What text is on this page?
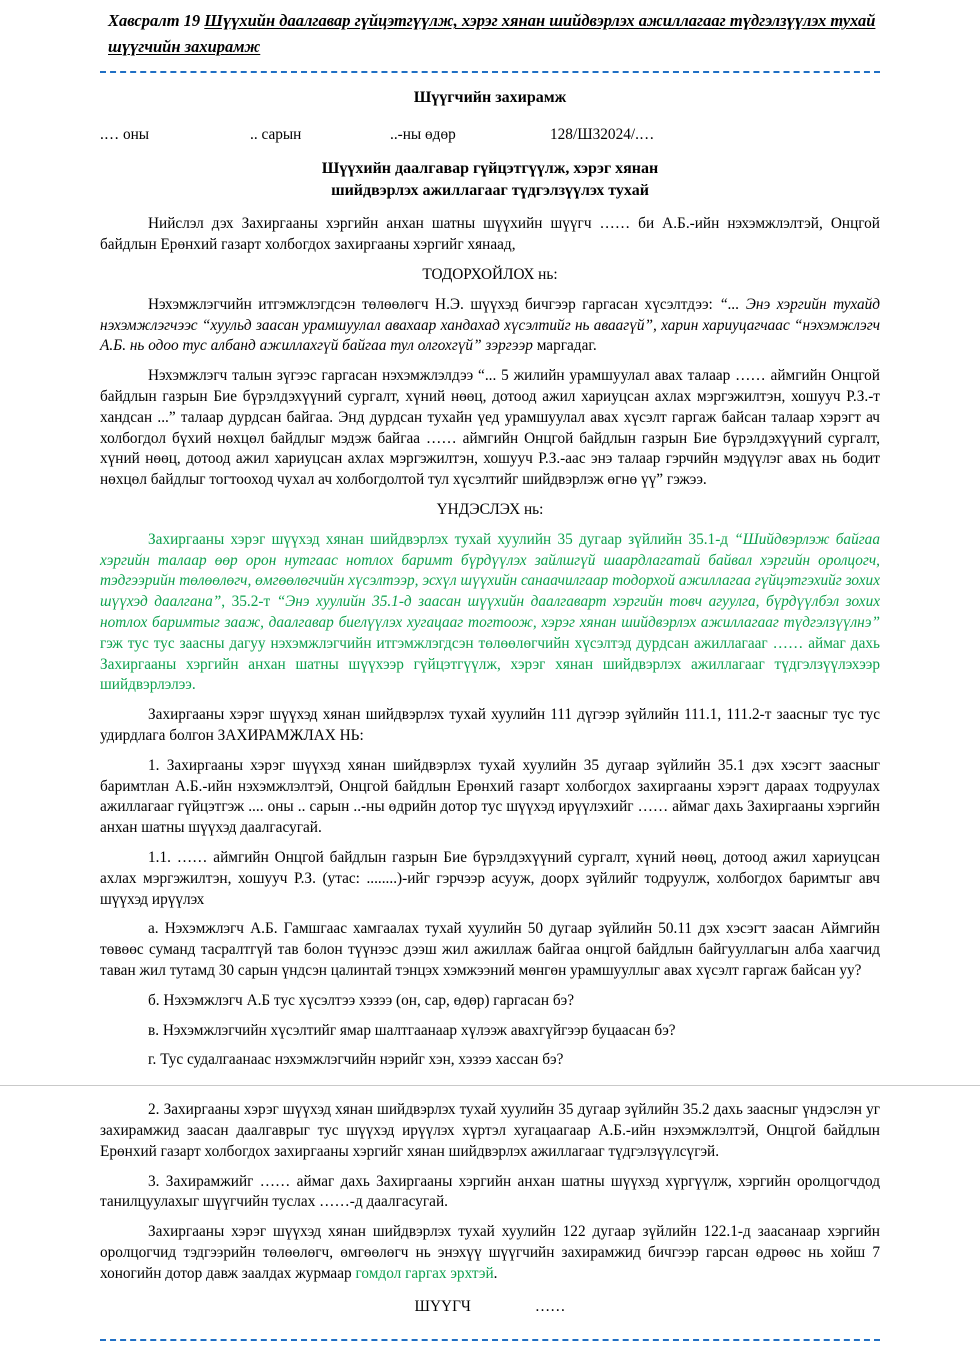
Хавсралт 19 Шүүхийн даалгавар гүйцэтгүүлж, хэрэг хянан шийдвэрлэх ажиллагааг түдгэлзүүлэх тухай шүүгчийн захирамж
Шүүгчийн захирамж
.… оны	.. сарын	..-ны өдөр	128/Ш32024/.…
Шүүхийн даалгавар гүйцэтгүүлж, хэрэг хянан
шийдвэрлэх ажиллагааг түдгэлзүүлэх тухай

Нийслэл дэх Захиргааны хэргийн анхан шатны шүүхийн шүүгч …… би А.Б.-ийн нэхэмжлэлтэй, Онцгой байдлын Ерөнхий газарт холбогдох захиргааны хэргийг хянаад,

ТОДОРХОЙЛОХ нь:

Нэхэмжлэгчийн итгэмжлэгдсэн төлөөлөгч Н.Э. шүүхэд бичгээр гаргасан хүсэлтдээ: “... Энэ хэргийн тухайд нэхэмжлэгчээс “хуульд заасан урамшуулал авахаар хандахад хүсэлтийг нь аваагүй”, харин хариуцагчаас “нэхэмжлэгч А.Б. нь одоо тус албанд ажиллахгүй байгаа тул олгохгүй” зэргээр маргадаг.

Нэхэмжлэгч талын зүгээс гаргасан нэхэмжлэлдээ “... 5 жилийн урамшуулал авах талаар …… аймгийн Онцгой байдлын газрын Бие бүрэлдэхүүний сургалт, хүний нөөц, дотоод ажил хариуцсан ахлах мэргэжилтэн, хошууч Р.З.-т хандсан ...” талаар дурдсан байгаа. Энд дурдсан тухайн үед урамшуулал авах хүсэлт гаргаж байсан талаар хэрэгт ач холбогдол бүхий нөхцөл байдлыг мэдэж байгаа …… аймгийн Онцгой байдлын газрын Бие бүрэлдэхүүний сургалт, хүний нөөц, дотоод ажил хариуцсан ахлах мэргэжилтэн, хошууч Р.З.-аас энэ талаар гэрчийн мэдүүлэг авах нь бодит нөхцөл байдлыг тогтооход чухал ач холбогдолтой тул хүсэлтийг шийдвэрлэж өгнө үү” гэжээ.

ҮНДЭСЛЭХ нь:

Захиргааны хэрэг шүүхэд хянан шийдвэрлэх тухай хуулийн 35 дугаар зүйлийн 35.1-д “Шийдвэрлэж байгаа хэргийн талаар өөр орон нутгаас нотлох баримт бүрдүүлэх зайлшгүй шаардлагатай байвал хэргийн оролцогч, тэдгээрийн төлөөлөгч, өмгөөлөгчийн хүсэлтээр, эсхүл шүүхийн санаачилгаар тодорхой ажиллагаа гүйцэтгэхийг зохих шүүхэд даалгана”, 35.2-т “Энэ хуулийн 35.1-д заасан шүүхийн даалгаварт хэргийн товч агуулга, бүрдүүлбэл зохих нотлох баримтыг зааж, даалгавар биелүүлэх хугацааг тогтоож, хэрэг хянан шийдвэрлэх ажиллагааг түдгэлзүүлнэ” гэж тус тус заасны дагуу нэхэмжлэгчийн итгэмжлэгдсэн төлөөлөгчийн хүсэлтэд дурдсан ажиллагааг …… аймаг дахь Захиргааны хэргийн анхан шатны шүүхээр гүйцэтгүүлж, хэрэг хянан шийдвэрлэх ажиллагааг түдгэлзүүлэхээр шийдвэрлэлээ.

Захиргааны хэрэг шүүхэд хянан шийдвэрлэх тухай хуулийн 111 дүгээр зүйлийн 111.1, 111.2-т заасныг тус тус удирдлага болгон ЗАХИРАМЖЛАХ НЬ:

1. Захиргааны хэрэг шүүхэд хянан шийдвэрлэх тухай хуулийн 35 дугаар зүйлийн 35.1 дэх хэсэгт заасныг баримтлан А.Б.-ийн нэхэмжлэлтэй, Онцгой байдлын Ерөнхий газарт холбогдох захиргааны хэрэгт дараах тодруулах ажиллагааг гүйцэтгэж .... оны .. сарын ..-ны өдрийн дотор тус шүүхэд ирүүлэхийг …… аймаг дахь Захиргааны хэргийн анхан шатны шүүхэд даалгасугай.

1.1. …… аймгийн Онцгой байдлын газрын Бие бүрэлдэхүүний сургалт, хүний нөөц, дотоод ажил хариуцсан ахлах мэргэжилтэн, хошууч Р.З. (утас: ........)-ийг гэрчээр асууж, доорх зүйлийг тодруулж, холбогдох баримтыг авч шүүхэд ирүүлэх

а. Нэхэмжлэгч А.Б. Гамшгаас хамгаалах тухай хуулийн 50 дугаар зүйлийн 50.11 дэх хэсэгт заасан Аймгийн төвөөс суманд тасралтгүй тав болон түүнээс дээш жил ажиллаж байгаа онцгой байдлын байгууллагын алба хаагчид таван жил тутамд 30 сарын үндсэн цалинтай тэнцэх хэмжээний мөнгөн урамшууллыг авах хүсэлт гаргаж байсан уу?

б. Нэхэмжлэгч А.Б тус хүсэлтээ хэзээ (он, сар, өдөр) гаргасан бэ?

в. Нэхэмжлэгчийн хүсэлтийг ямар шалтгаанаар хүлээж авахгүйгээр буцаасан бэ?

г. Тус судалгаанаас нэхэмжлэгчийн нэрийг хэн, хэзээ хассан бэ?

2. Захиргааны хэрэг шүүхэд хянан шийдвэрлэх тухай хуулийн 35 дугаар зүйлийн 35.2 дахь заасныг үндэслэн уг захирамжид заасан даалгаврыг тус шүүхэд ирүүлэх хүртэл хугацаагаар А.Б.-ийн нэхэмжлэлтэй, Онцгой байдлын Ерөнхий газарт холбогдох захиргааны хэргийг хянан шийдвэрлэх ажиллагааг түдгэлзүүлсүгэй.

3. Захирамжийг …… аймаг дахь Захиргааны хэргийн анхан шатны шүүхэд хүргүүлж, хэргийн оролцогчдод танилцуулахыг шүүгчийн туслах ……-д даалгасугай.

Захиргааны хэрэг шүүхэд хянан шийдвэрлэх тухай хуулийн 122 дугаар зүйлийн 122.1-д заасанаар хэргийн оролцогчид тэдгээрийн төлөөлөгч, өмгөөлөгч нь энэхүү шүүгчийн захирамжид бичгээр гарсан өдрөөс нь хойш 7 хоногийн дотор давж заалдах журмаар гомдол гаргах эрхтэй.

ШҮҮГЧ	……
